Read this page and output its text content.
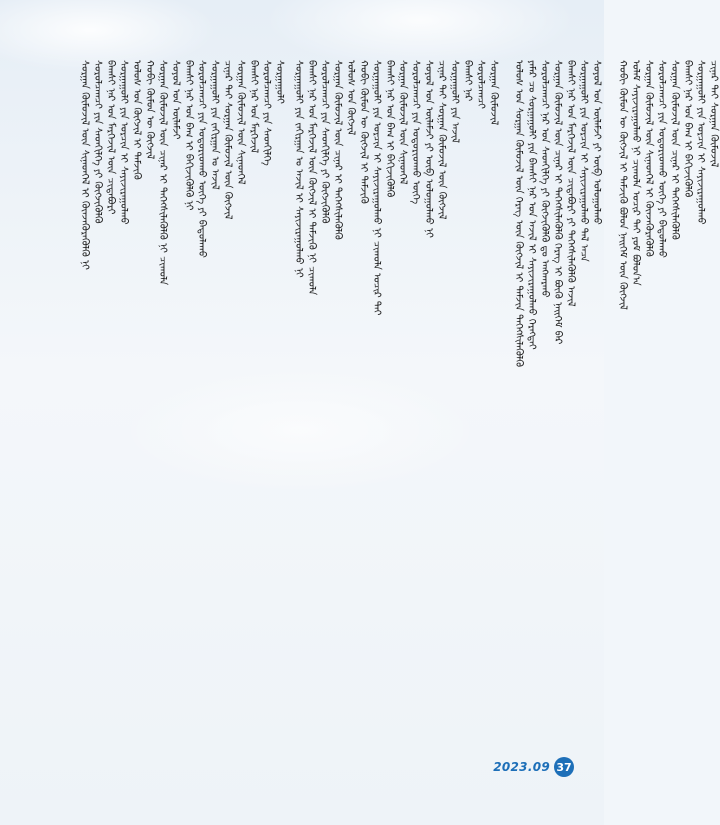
ᠰᠤᠷᠭᠠᠨ ᠬᠦᠮᠦᠵᠢᠯ ᠦᠨ ᠰᠢᠨᠡᠳᠬᠡᠯ ᠢ ᠭᠦᠨᠵᠡᠭᠦᠷᠡᠭᠦᠯᠬᠦ ᠨᠢ ᠰᠤᠷᠤᠯᠴᠠᠭᠴᠢ ᠶᠢᠨ ᠰᠡᠳᠬᠢᠯᠭᠡ ᠶᠢ ᠬᠥᠭᠵᠢᠭᠦᠯᠬᠦ ᠪᠠᠭᠰᠢ ᠨᠠᠷ ᠤᠨ ᠮᠡᠷᠭᠡᠵᠢᠯ ᠦᠨ ᠴᠢᠳᠠᠪᠤᠷᠢ ᠰᠤᠷᠭᠠᠭᠤᠯᠢ ᠶᠢᠨ ᠣᠷᠴᠢᠨ ᠢ ᠰᠠᠶᠢᠵᠢᠷᠠᠭᠤᠯᠬᠤ ᠤᠯᠤᠰ ᠤᠨ ᠬᠥᠭᠵᠢᠯ ᠢ ᠳᠡᠮᠵᠢᠬᠦ ᠬᠤᠪᠢ ᠬᠦᠮᠦᠨ ᠦ ᠬᠥᠭᠵᠢᠯ ᠰᠤᠷᠭᠠᠨ ᠬᠦᠮᠦᠵᠢᠯ ᠦᠨ ᠴᠢᠨᠠᠷ ᠢ ᠳᠡᠭᠡᠭᠰᠢᠯᠡᠭᠦᠯᠬᠦ ᠨᠢ ᠴᠢᠬᠤᠯᠠ ᠰᠣᠶᠣᠯ ᠤᠨ ᠦᠯᠡᠮᠵᠢ ᠪᠠᠭᠰᠢ ᠨᠠᠷ ᠤᠨ ᠪᠠᠭ ᠢ ᠪᠡᠬᠢᠵᠢᠭᠦᠯᠬᠦ ᠨᠢ ᠰᠤᠷᠤᠯᠴᠠᠭᠴᠢ ᠶᠢᠨ ᠤᠳᠤᠷᠢᠳᠬᠤ ᠦᠭᠡ ᠶᠢ ᠪᠠᠲᠤᠯᠠᠬᠤ ᠰᠤᠷᠭᠠᠭᠤᠯᠢ ᠶᠢᠨ ᠵᠠᠬᠢᠷᠭᠠᠨ ᠤ ᠠᠵᠢᠯ ᠴᠢᠨᠠᠷ ᠲᠠᠢ ᠰᠤᠷᠭᠠᠨ ᠬᠦᠮᠦᠵᠢᠯ ᠦᠨ ᠬᠥᠭᠵᠢᠯ ᠰᠤᠷᠭᠠᠨ ᠬᠦᠮᠦᠵᠢᠯ ᠦᠨ ᠰᠢᠨᠡᠳᠬᠡᠯ ᠪᠠᠭᠰᠢ ᠨᠠᠷ ᠤᠨ ᠮᠡᠷᠭᠡᠵᠢᠯ ᠰᠤᠷᠤᠯᠴᠠᠭᠴᠢ ᠶᠢᠨ ᠰᠡᠳᠬᠢᠯᠭᠡ ᠰᠤᠷᠭᠠᠭᠤᠯᠢ ᠰᠤᠷᠭᠠᠭᠤᠯᠢ ᠶᠢᠨ ᠵᠠᠬᠢᠷᠭᠠᠨ ᠤ ᠠᠵᠢᠯ ᠢ ᠰᠠᠶᠢᠵᠢᠷᠠᠭᠤᠯᠬᠤ ᠨᠢ ᠪᠠᠭᠰᠢ ᠨᠠᠷ ᠤᠨ ᠮᠡᠷᠭᠡᠵᠢᠯ ᠦᠨ ᠬᠥᠭᠵᠢᠯ ᠢ ᠳᠡᠮᠵᠢᠬᠦ ᠨᠢ ᠴᠢᠬᠤᠯᠠ ᠰᠤᠷᠤᠯᠴᠠᠭᠴᠢ ᠶᠢᠨ ᠰᠡᠳᠬᠢᠯᠭᠡ ᠶᠢ ᠬᠥᠭᠵᠢᠭᠦᠯᠬᠦ ᠰᠤᠷᠭᠠᠨ ᠬᠦᠮᠦᠵᠢᠯ ᠦᠨ ᠴᠢᠨᠠᠷ ᠢ ᠳᠡᠭᠡᠭᠰᠢᠯᠡᠭᠦᠯᠬᠦ ᠤᠯᠤᠰ ᠤᠨ ᠬᠥᠭᠵᠢᠯ ᠬᠤᠪᠢ ᠬᠦᠮᠦᠨ ᠦ ᠬᠥᠭᠵᠢᠯ ᠢ ᠳᠡᠮᠵᠢᠬᠦ ᠰᠤᠷᠭᠠᠭᠤᠯᠢ ᠶᠢᠨ ᠣᠷᠴᠢᠨ ᠢ ᠰᠠᠶᠢᠵᠢᠷᠠᠭᠤᠯᠬᠤ ᠨᠢ ᠴᠢᠬᠤᠯᠠ ᠤᠴᠢᠷ ᠲᠠᠢ ᠪᠠᠭᠰᠢ ᠨᠠᠷ ᠤᠨ ᠪᠠᠭ ᠢ ᠪᠡᠬᠢᠵᠢᠭᠦᠯᠬᠦ ᠰᠤᠷᠭᠠᠨ ᠬᠦᠮᠦᠵᠢᠯ ᠦᠨ ᠰᠢᠨᠡᠳᠬᠡᠯ ᠰᠤᠷᠤᠯᠴᠠᠭᠴᠢ ᠶᠢᠨ ᠤᠳᠤᠷᠢᠳᠬᠤ ᠦᠭᠡ ᠰᠣᠶᠣᠯ ᠤᠨ ᠦᠯᠡᠮᠵᠢ ᠶᠢ ᠦᠪ ᠤᠯᠤᠭᠤᠯᠬᠤ ᠨᠢ ᠴᠢᠨᠠᠷ ᠲᠠᠢ ᠰᠤᠷᠭᠠᠨ ᠬᠦᠮᠦᠵᠢᠯ ᠦᠨ ᠬᠥᠭᠵᠢᠯ ᠰᠤᠷᠭᠠᠭᠤᠯᠢ ᠶᠢᠨ ᠠᠵᠢᠯ ᠪᠠᠭᠰᠢ ᠨᠠᠷ ᠰᠤᠷᠤᠯᠴᠠᠭᠴᠢ ᠰᠤᠷᠭᠠᠨ ᠬᠦᠮᠦᠵᠢᠯ ᠤᠯᠤᠰ ᠤᠨ ᠰᠤᠷᠭᠠᠨ ᠬᠦᠮᠦᠵᠢᠯ ᠦᠨ ᠬᠡᠷᠡᠭ ᠦᠨ ᠬᠦᠭᠵᠢᠯ ᠢ ᠳᠡᠮᠵᠢᠨ ᠳᠡᠭᠡᠭᠰᠢᠯᠡᠭᠦᠯᠬᠦ ᠶᠠᠮᠠᠷ ᠴᠤ ᠰᠤᠷᠭᠠᠭᠤᠯᠢ ᠶᠢᠨ ᠪᠠᠭᠰᠢ ᠨᠠᠷ ᠤᠨ ᠠᠵᠢᠯ ᠢ ᠰᠠᠶᠢᠵᠢᠷᠠᠭᠤᠯᠬᠤ ᠬᠡᠷᠡᠭᠲᠡᠢ ᠰᠤᠷᠤᠯᠴᠠᠭᠴᠢ ᠨᠠᠷ ᠤᠨ ᠰᠡᠳᠬᠢᠯᠭᠡ ᠶᠢ ᠬᠥᠭᠵᠢᠭᠦᠯᠬᠦ ᠳᠤ ᠠᠩᠬᠠᠷᠬᠤ ᠰᠤᠷᠭᠠᠨ ᠬᠦᠮᠦᠵᠢᠯ ᠦᠨ ᠴᠢᠨᠠᠷ ᠢ ᠳᠡᠭᠡᠭᠰᠢᠯᠡᠭᠦᠯᠬᠦ ᠬᠡᠷᠡᠭ ᠢ ᠪᠦᠬᠦ ᠨᠡᠢᠭᠡᠮ ᠪᠡᠷ ᠪᠠᠭᠰᠢ ᠨᠠᠷ ᠤᠨ ᠮᠡᠷᠭᠡᠵᠢᠯ ᠦᠨ ᠴᠢᠳᠠᠪᠤᠷᠢ ᠶᠢ ᠳᠡᠭᠡᠭᠰᠢᠯᠡᠭᠦᠯᠬᠦ ᠠᠵᠢᠯ ᠰᠤᠷᠭᠠᠭᠤᠯᠢ ᠶᠢᠨ ᠣᠷᠴᠢᠨ ᠢ ᠰᠠᠶᠢᠵᠢᠷᠠᠭᠤᠯᠬᠤ ᠲᠠᠯ ᠠᠴᠠ ᠰᠣᠶᠣᠯ ᠤᠨ ᠦᠯᠡᠮᠵᠢ ᠶᠢ ᠦᠪ ᠤᠯᠤᠭᠤᠯᠬᠤ ᠬᠤᠪᠢ ᠬᠦᠮᠦᠨ ᠦ ᠬᠥᠭᠵᠢᠯ ᠢ ᠳᠡᠮᠵᠢᠬᠦ ᠪᠤᠯᠤᠨ ᠨᠡᠢᠭᠡᠮ ᠦᠨ ᠬᠥᠭᠵᠢᠯ ᠤᠯᠠᠮ ᠰᠠᠶᠢᠵᠢᠷᠠᠭᠤᠯᠬᠤ ᠨᠢ ᠴᠢᠬᠤᠯᠠ ᠤᠴᠢᠷ ᠲᠠᠢ ᠶᠤᠮ ᠪᠣᠯᠤᠨ᠎ᠠ ᠰᠤᠷᠭᠠᠨ ᠬᠦᠮᠦᠵᠢᠯ ᠦᠨ ᠰᠢᠨᠡᠳᠬᠡᠯ ᠢ ᠭᠦᠨᠵᠡᠭᠦᠷᠡᠭᠦᠯᠬᠦ ᠰᠤᠷᠤᠯᠴᠠᠭᠴᠢ ᠶᠢᠨ ᠤᠳᠤᠷᠢᠳᠬᠤ ᠦᠭᠡ ᠶᠢ ᠪᠠᠲᠤᠯᠠᠬᠤ ᠰᠤᠷᠭᠠᠨ ᠬᠦᠮᠦᠵᠢᠯ ᠦᠨ ᠴᠢᠨᠠᠷ ᠢ ᠳᠡᠭᠡᠭᠰᠢᠯᠡᠭᠦᠯᠬᠦ ᠪᠠᠭᠰᠢ ᠨᠠᠷ ᠤᠨ ᠪᠠᠭ ᠢ ᠪᠡᠬᠢᠵᠢᠭᠦᠯᠬᠦ ᠰᠤᠷᠭᠠᠭᠤᠯᠢ ᠶᠢᠨ ᠣᠷᠴᠢᠨ ᠢ ᠰᠠᠶᠢᠵᠢᠷᠠᠭᠤᠯᠬᠤ ᠴᠢᠨᠠᠷ ᠲᠠᠢ ᠰᠤᠷᠭᠠᠨ ᠬᠦᠮᠦᠵᠢᠯ
2023.09 37
